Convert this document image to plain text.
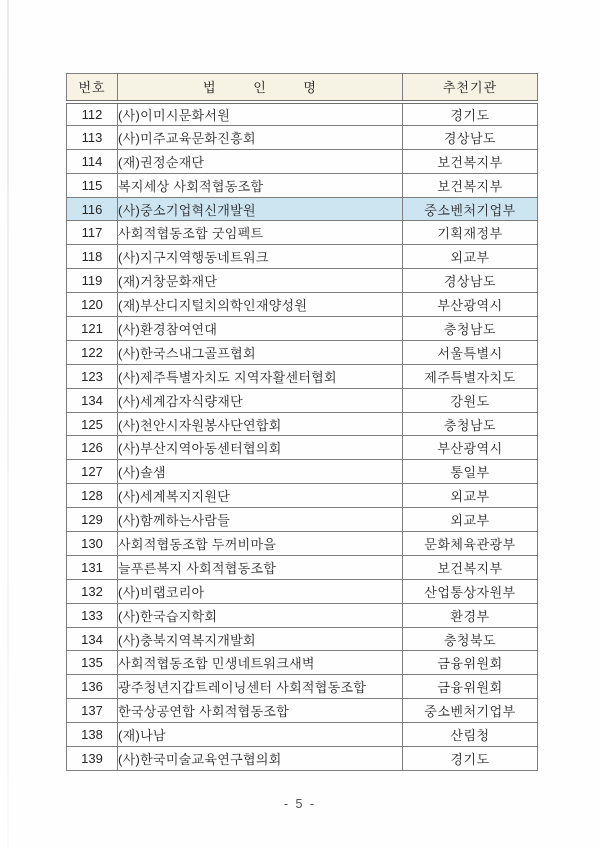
번호	법 인 명	추천기관
112	(사)이미시문화서원	경기도
113	(사)미주교육문화진흥회	경상남도
114	(재)권정순재단	보건복지부
115	복지세상 사회적협동조합	보건복지부
116	(사)중소기업혁신개발원	중소벤처기업부
117	사회적협동조합 굿임펙트	기획재정부
118	(사)지구지역행동네트워크	외교부
119	(재)거창문화재단	경상남도
120	(재)부산디지털치의학인재양성원	부산광역시
121	(사)환경참여연대	충청남도
122	(사)한국스내그골프협회	서울특별시
123	(사)제주특별자치도 지역자활센터협회	제주특별자치도
134	(사)세계감자식량재단	강원도
125	(사)천안시자원봉사단연합회	충청남도
126	(사)부산지역아동센터협의회	부산광역시
127	(사)솔샘	통일부
128	(사)세계복지지원단	외교부
129	(사)함께하는사람들	외교부
130	사회적협동조합 두꺼비마을	문화체육관광부
131	늘푸른복지 사회적협동조합	보건복지부
132	(사)비랩코리아	산업통상자원부
133	(사)한국습지학회	환경부
134	(사)충북지역복지개발회	충청북도
135	사회적협동조합 민생네트워크새벽	금융위원회
136	광주청년지갑트레이닝센터 사회적협동조합	금융위원회
137	한국상공연합 사회적협동조합	중소벤처기업부
138	(재)나남	산림청
139	(사)한국미술교육연구협의회	경기도
- 5 -
